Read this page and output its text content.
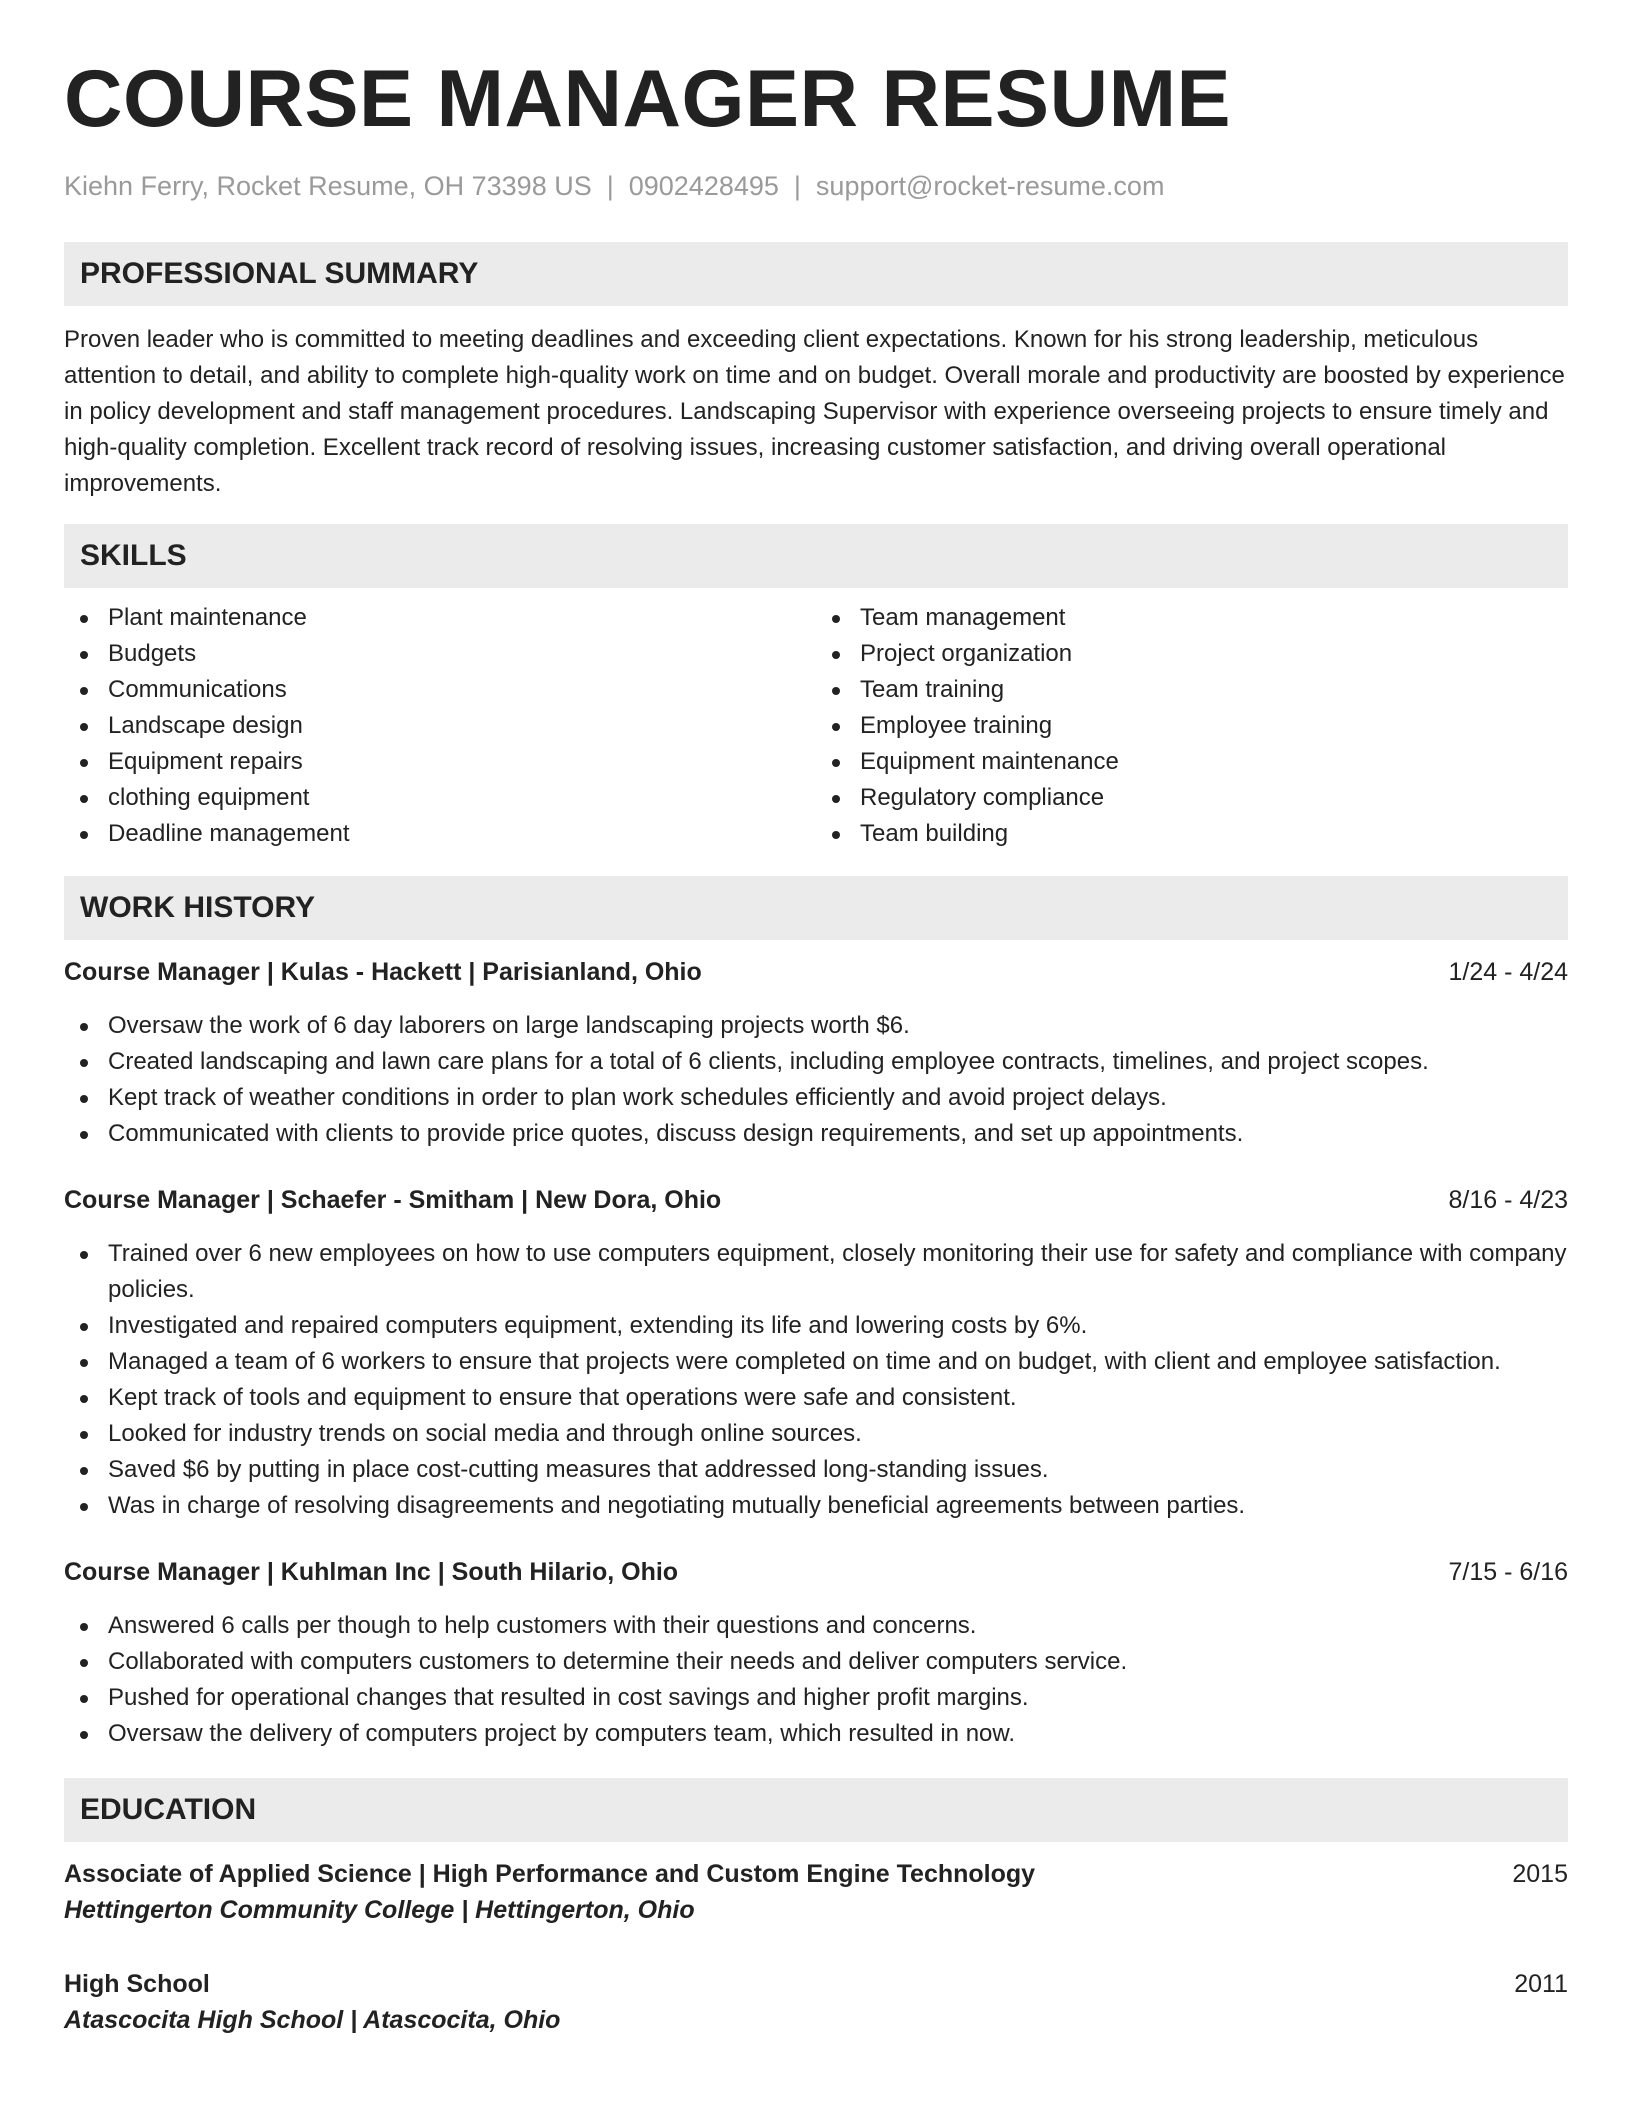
COURSE MANAGER RESUME
Kiehn Ferry, Rocket Resume, OH 73398 US | 0902428495 | support@rocket-resume.com
PROFESSIONAL SUMMARY

Proven leader who is committed to meeting deadlines and exceeding client expectations. Known for his strong leadership, meticulous attention to detail, and ability to complete high-quality work on time and on budget. Overall morale and productivity are boosted by experience in policy development and staff management procedures. Landscaping Supervisor with experience overseeing projects to ensure timely and high-quality completion. Excellent track record of resolving issues, increasing customer satisfaction, and driving overall operational improvements.

SKILLS
Plant maintenance
Budgets
Communications
Landscape design
Equipment repairs
clothing equipment
Deadline management
Team management
Project organization
Team training
Employee training
Equipment maintenance
Regulatory compliance
Team building
WORK HISTORY
Course Manager | Kulas - Hackett | Parisianland, Ohio	1/24 - 4/24
Oversaw the work of 6 day laborers on large landscaping projects worth $6.
Created landscaping and lawn care plans for a total of 6 clients, including employee contracts, timelines, and project scopes.
Kept track of weather conditions in order to plan work schedules efficiently and avoid project delays.
Communicated with clients to provide price quotes, discuss design requirements, and set up appointments.
Course Manager | Schaefer - Smitham | New Dora, Ohio	8/16 - 4/23
Trained over 6 new employees on how to use computers equipment, closely monitoring their use for safety and compliance with company policies.
Investigated and repaired computers equipment, extending its life and lowering costs by 6%.
Managed a team of 6 workers to ensure that projects were completed on time and on budget, with client and employee satisfaction.
Kept track of tools and equipment to ensure that operations were safe and consistent.
Looked for industry trends on social media and through online sources.
Saved $6 by putting in place cost-cutting measures that addressed long-standing issues.
Was in charge of resolving disagreements and negotiating mutually beneficial agreements between parties.
Course Manager | Kuhlman Inc | South Hilario, Ohio	7/15 - 6/16
Answered 6 calls per though to help customers with their questions and concerns.
Collaborated with computers customers to determine their needs and deliver computers service.
Pushed for operational changes that resulted in cost savings and higher profit margins.
Oversaw the delivery of computers project by computers team, which resulted in now.
EDUCATION
Associate of Applied Science | High Performance and Custom Engine Technology	2015
Hettingerton Community College | Hettingerton, Ohio
High School	2011
Atascocita High School | Atascocita, Ohio
